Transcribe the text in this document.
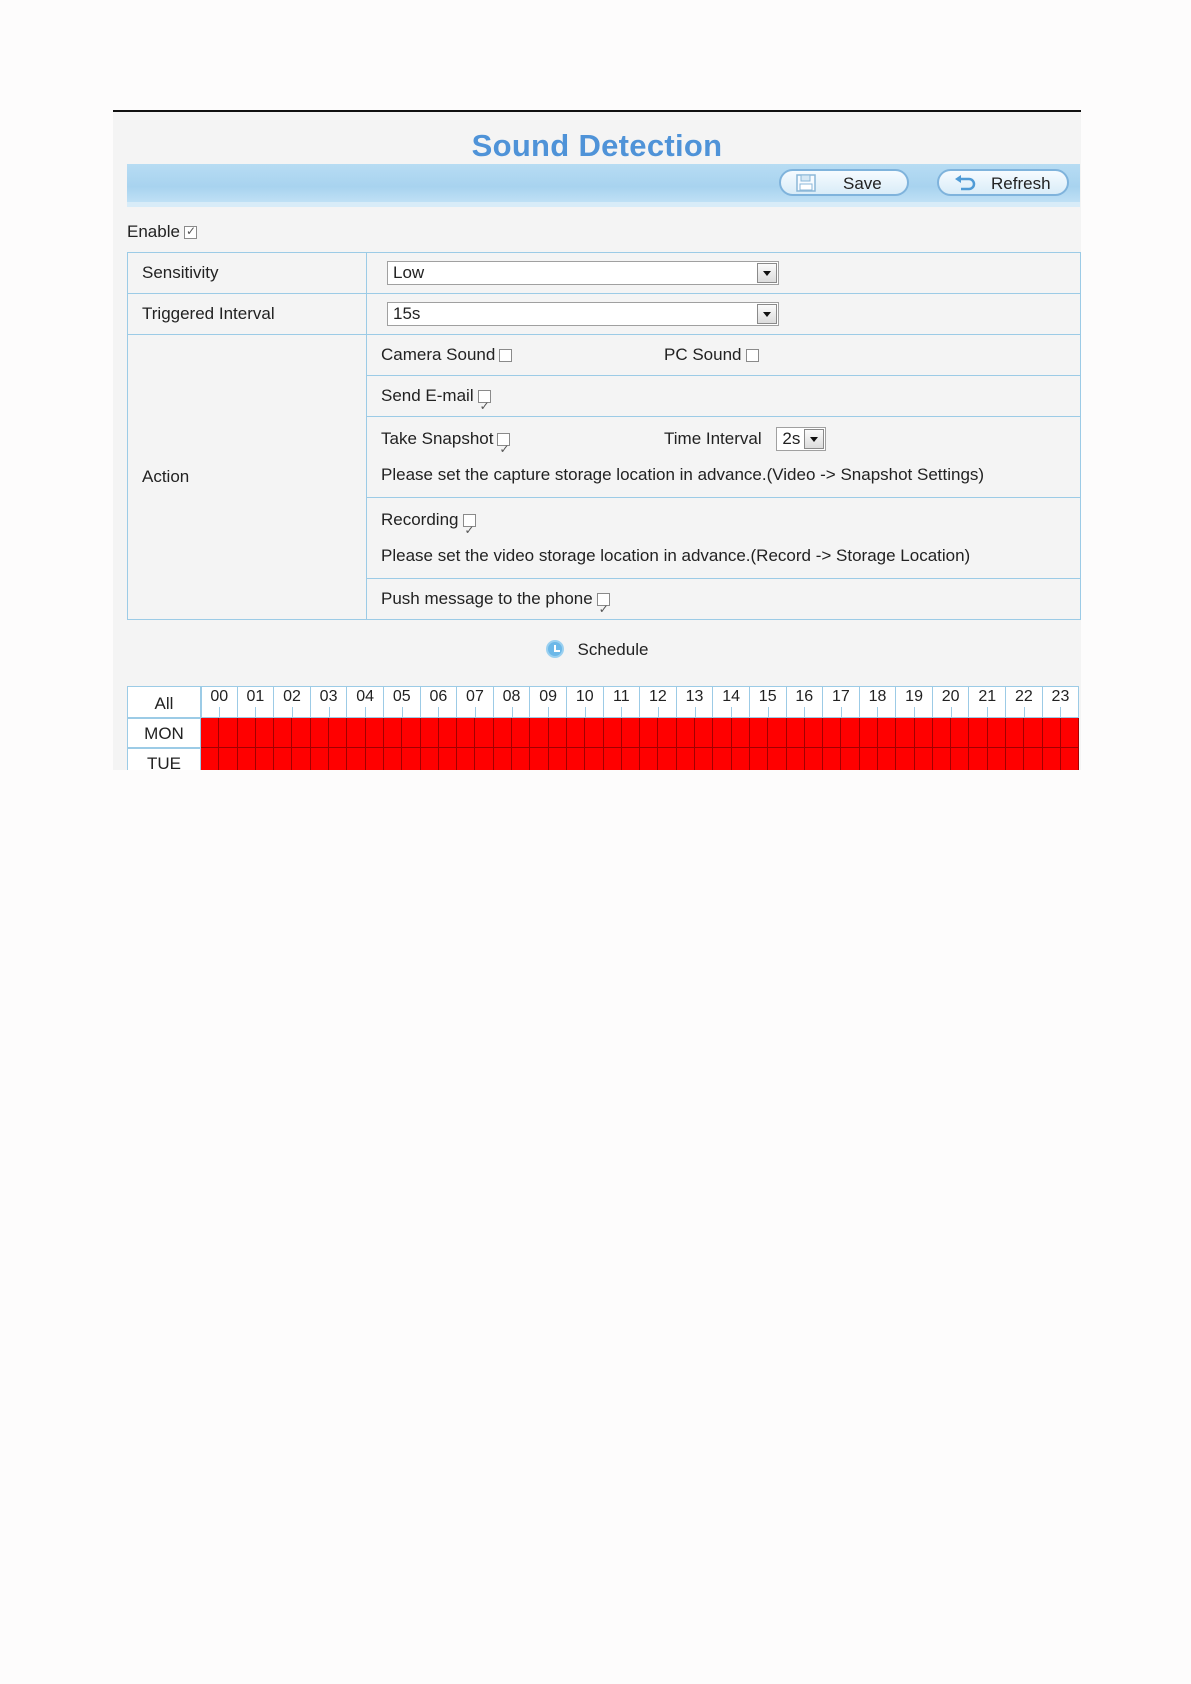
Sound Detection
Save	Refresh
Enable✓
Sensitivity	Low

Triggered Interval	15s

Action	Camera Sound PC Sound

	Send E-mail✓

	Take Snapshot ✓ Time Interval 2s
Please set the capture storage location in advance.(Video -> Snapshot Settings)

	Recording✓
Please set the video storage location in advance.(Record -> Storage Location)

	Push message to the phone✓
Schedule
All	00	01	02	03	04	05	06	07	08	09	10	11	12	13	14	15	16	17	18	19	20	21	22	23
MON
TUE
